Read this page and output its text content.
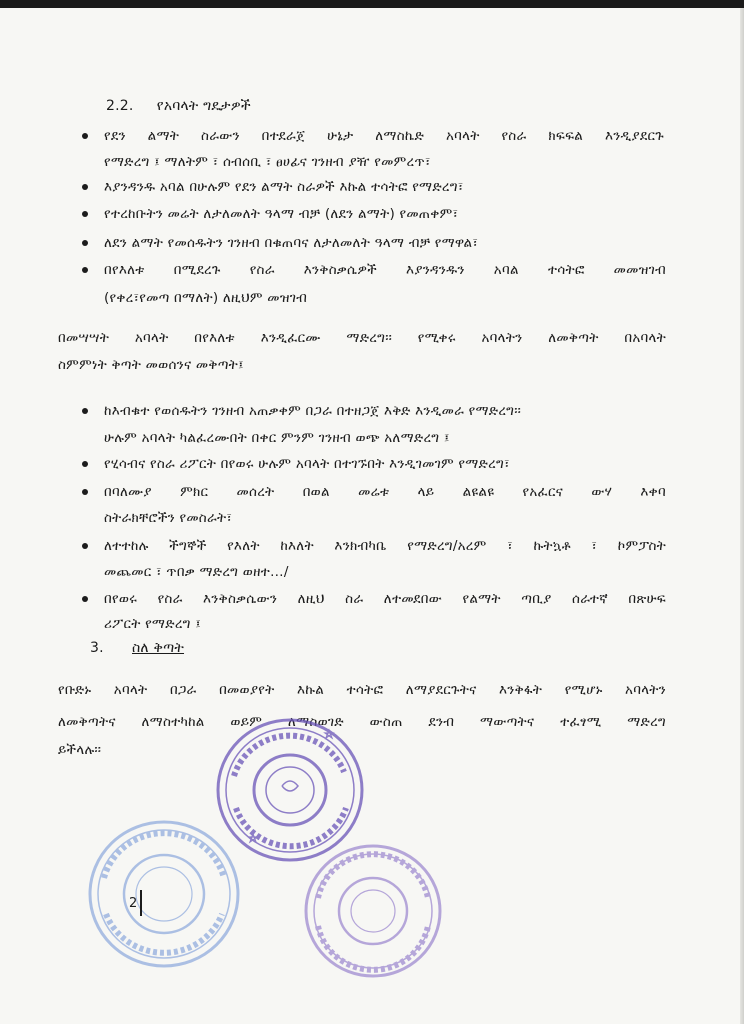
2.2. የአባላት ግዴታዎች
የደን ልማት ስራውን በተደራጀ ሁኔታ ለማስኬድ አባላት የስራ ክፍፍል እንዲያደርጉ
የማድረግ ፤ ማለትም ፣ ሰብሰቢ ፣ ፀሀፊና ገንዘብ ያዥ የመምረጥ፣
እያንዳንዱ አባል በሁሉም የደን ልማት ስራዎች እኩል ተሳትፎ የማድረግ፣
የተረከቡትን መሬት ለታለመለት ዓላማ ብቻ (ለደን ልማት) የመጠቀም፣
ለደን ልማት የመሰዱትን ገንዘብ በቁጠባና ለታለመለት ዓላማ ብቻ የማዋል፣
በየእለቱ በሚደረጉ የስራ እንቅስቃሴዎች እያንዳንዱን አባል ተሳትፎ መመዝገብ
(የቀረ፣የመጣ በማለት) ለዚህም መዝገብ
በመሣሣት አባላት በየእለቱ እንዲፈርሙ ማድረግ፡፡ የሚቀሩ አባላትን ለመቅጣት በአባላት
ስምምነት ቅጣት መወሰንና መቅጣት፤
ከእብቁተ የወሰዱትን ገንዘብ አጠቃቀም በጋራ በተዘጋጀ እቅድ እንዲመራ የማድረግ፡፡
ሁሉም አባላት ካልፈረሙበት በቀር ምንም ገንዘብ ወጭ አለማድረግ ፤
የሂሳብና የስራ ሪፖርት በየወሩ ሁሉም አባላት በተገኙበት እንዲገመገም የማድረግ፣
በባለሙያ ምክር መሰረት በወል መሬቱ ላይ ልዩልዩ የአፈርና ውሃ እቀባ
ስትራክቸሮችን የመስራት፣
ለተተከሉ ችግኞች የእለት ከእለት እንክብካቤ የማድረግ/አረም ፣ ኩትኳቶ ፣ ኮምፓስት
መጨመር ፣ ጥበቃ ማድረግ ወዘተ…/
በየወሩ የስራ እንቅስቃሴውን ለዚህ ስራ ለተመደበው የልማት ጣቢያ ሰራተኛ በጽሁፍ
ሪፖርት የማድረግ ፤
3. ስለ ቅጣት
የቡድኑ አባላት በጋራ በመወያየት እኩል ተሳትፎ ለማያደርጉትና እንቅፋት የሚሆኑ አባላትን
ለመቅጣትና ለማስተካከል ወይም ለማስወገድ ውስጠ ደንብ ማውጣትና ተፈፃሚ ማድረግ
ይችላሉ፡፡
2
